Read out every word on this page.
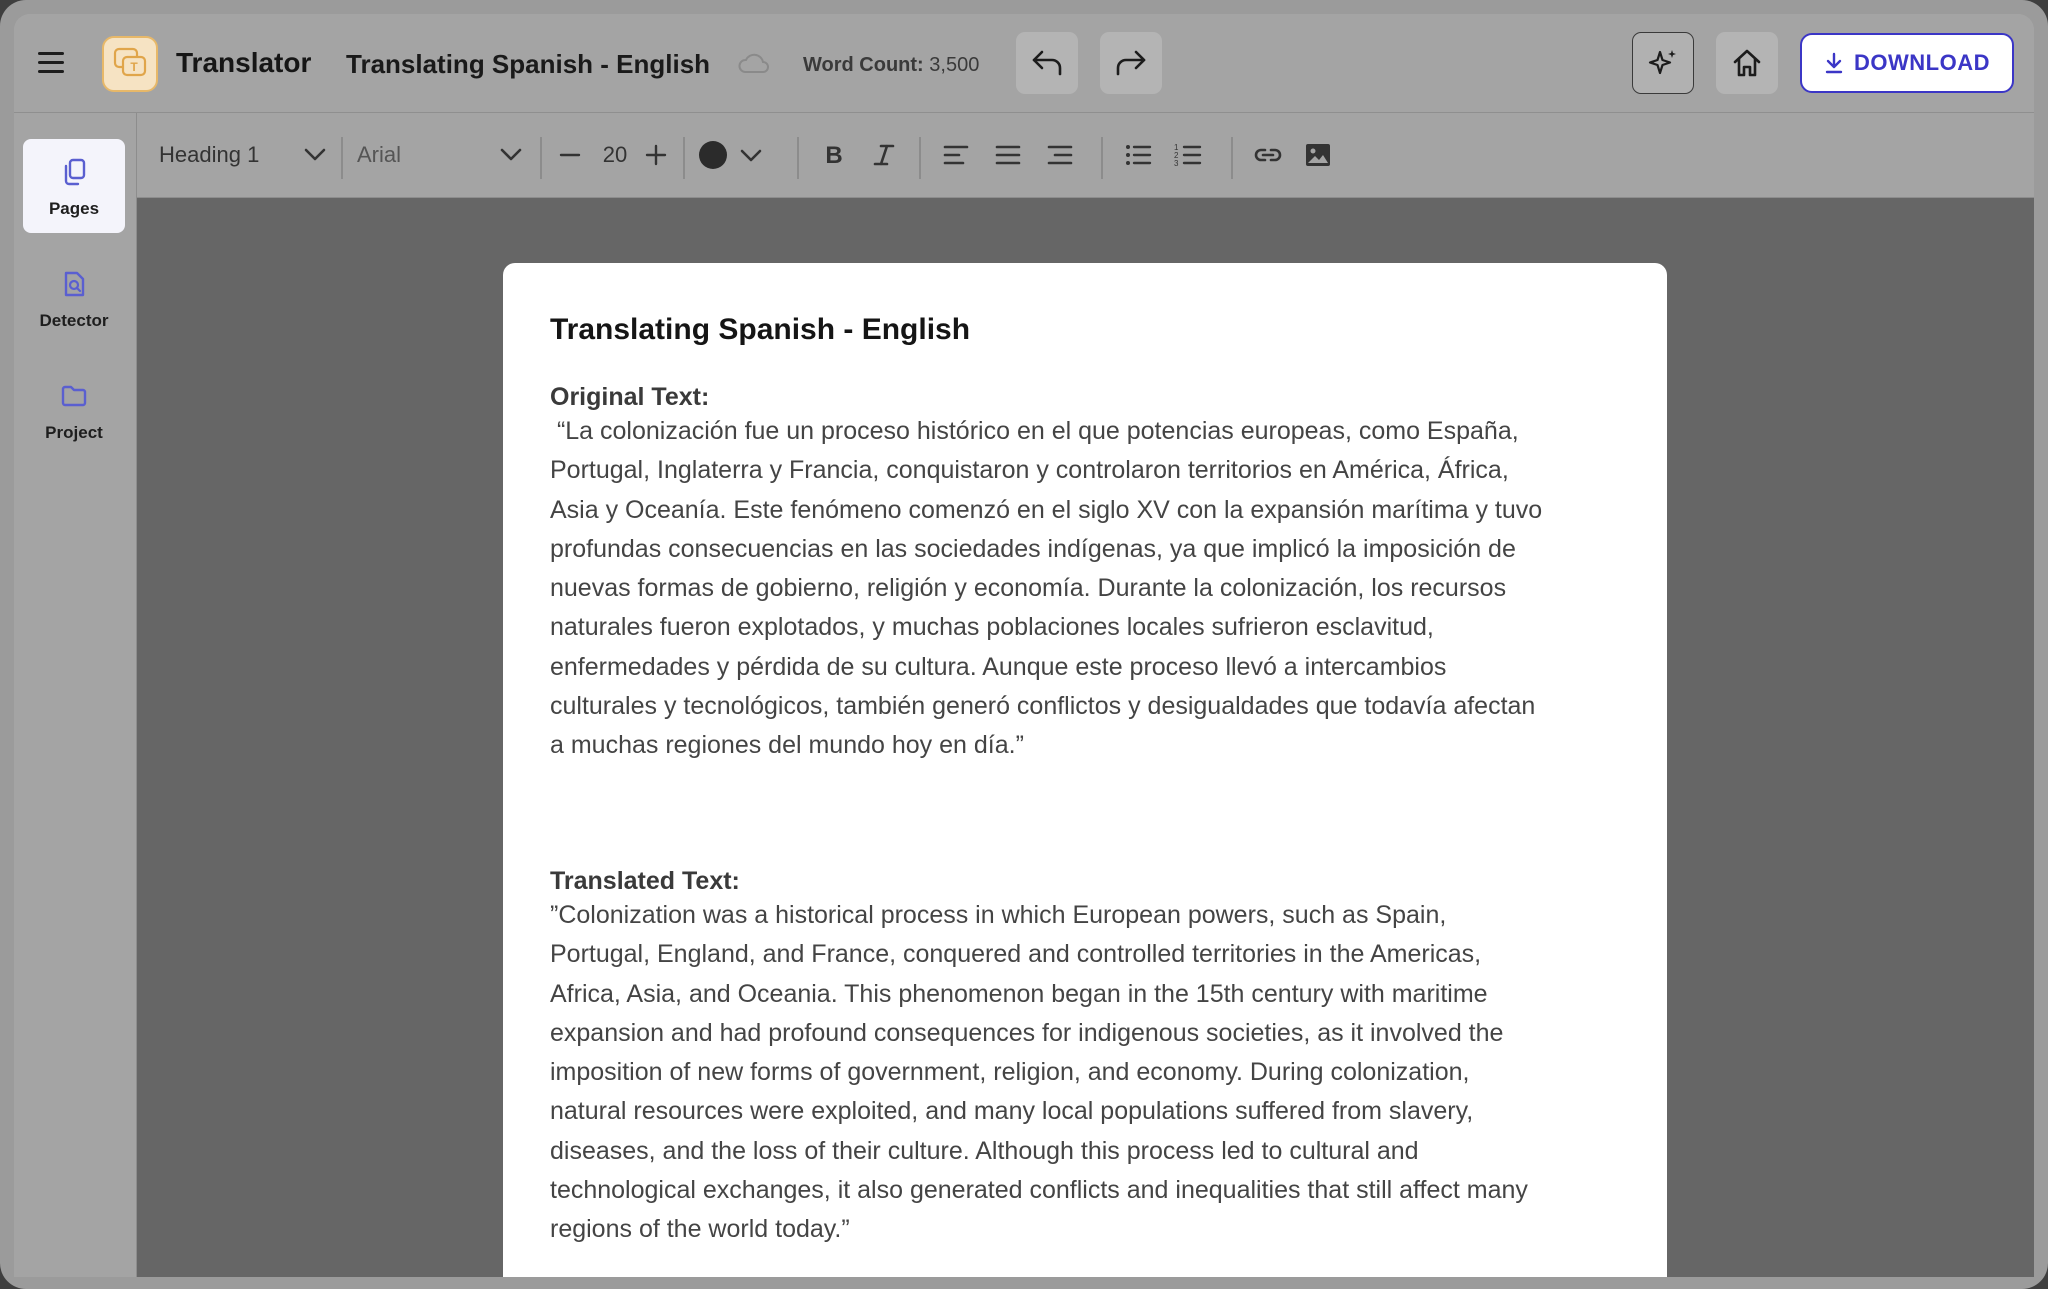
T Translator Translating Spanish - English	Word Count: 3,500	DOWNLOAD
Pages
Detector
Project
Heading 1	Arial	20	B	1
2
3
Translating Spanish - English
Original Text:
“La colonización fue un proceso histórico en el que potencias europeas, como España,
Portugal, Inglaterra y Francia, conquistaron y controlaron territorios en América, África,
Asia y Oceanía. Este fenómeno comenzó en el siglo XV con la expansión marítima y tuvo
profundas consecuencias en las sociedades indígenas, ya que implicó la imposición de
nuevas formas de gobierno, religión y economía. Durante la colonización, los recursos
naturales fueron explotados, y muchas poblaciones locales sufrieron esclavitud,
enfermedades y pérdida de su cultura. Aunque este proceso llevó a intercambios
culturales y tecnológicos, también generó conflictos y desigualdades que todavía afectan
a muchas regiones del mundo hoy en día.”
Translated Text:
”Colonization was a historical process in which European powers, such as Spain,
Portugal, England, and France, conquered and controlled territories in the Americas,
Africa, Asia, and Oceania. This phenomenon began in the 15th century with maritime
expansion and had profound consequences for indigenous societies, as it involved the
imposition of new forms of government, religion, and economy. During colonization,
natural resources were exploited, and many local populations suffered from slavery,
diseases, and the loss of their culture. Although this process led to cultural and
technological exchanges, it also generated conflicts and inequalities that still affect many
regions of the world today.”
